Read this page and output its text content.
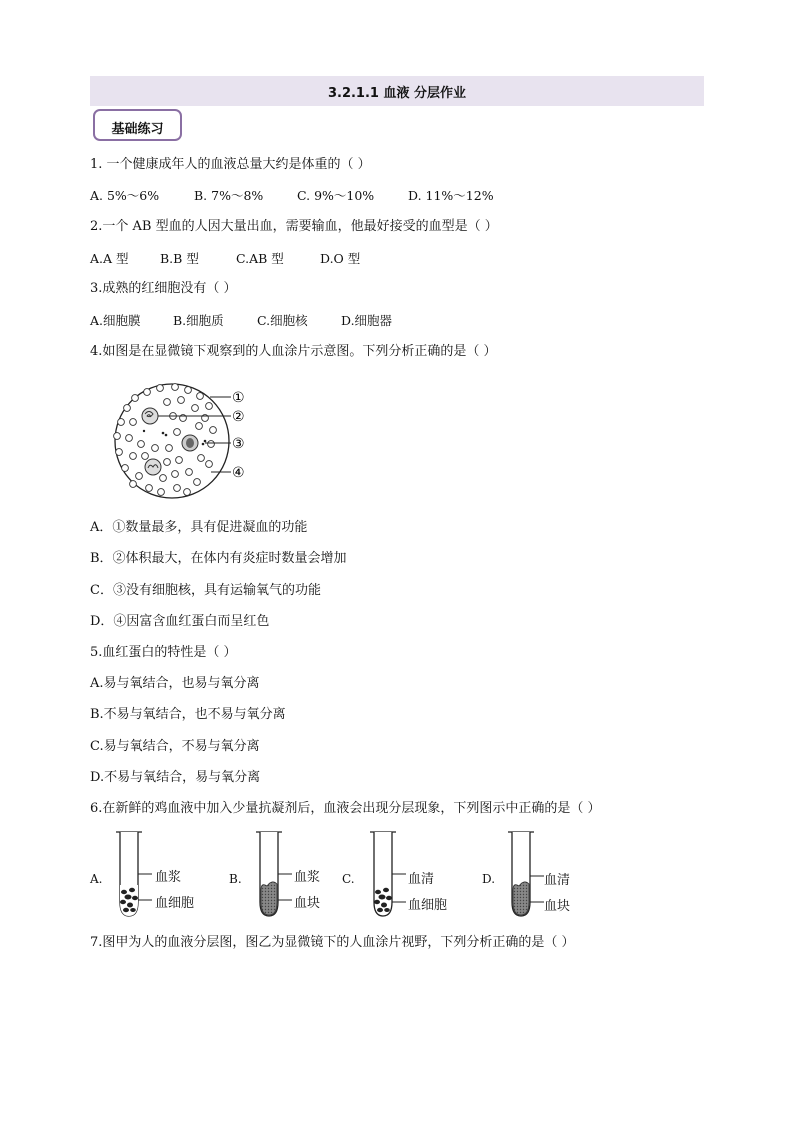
3.2.1.1 血液 分层作业
基础练习
1. 一个健康成年人的血液总量大约是体重的（ ）
A. 5%～6%	B. 7%～8%	C. 9%～10%	D. 11%～12%
2.一个 AB 型血的人因大量出血，需要输血，他最好接受的血型是（ ）
A.A 型	B.B 型	C.AB 型	D.O 型
3.成熟的红细胞没有（ ）
A.细胞膜	B.细胞质	C.细胞核	D.细胞器
4.如图是在显微镜下观察到的人血涂片示意图。下列分析正确的是（ ）
①
②
③
④
A．①数量最多，具有促进凝血的功能
B．②体积最大，在体内有炎症时数量会增加
C．③没有细胞核，具有运输氧气的功能
D．④因富含血红蛋白而呈红色
5.血红蛋白的特性是（ ）
A.易与氧结合，也易与氧分离
B.不易与氧结合，也不易与氧分离
C.易与氧结合，不易与氧分离
D.不易与氧结合，易与氧分离
6.在新鲜的鸡血液中加入少量抗凝剂后，血液会出现分层现象，下列图示中正确的是（ ）
A.	血浆
血细胞
B.	血浆
血块
C.	血清
血细胞
D.	血清
血块
7.图甲为人的血液分层图，图乙为显微镜下的人血涂片视野，下列分析正确的是（ ）
